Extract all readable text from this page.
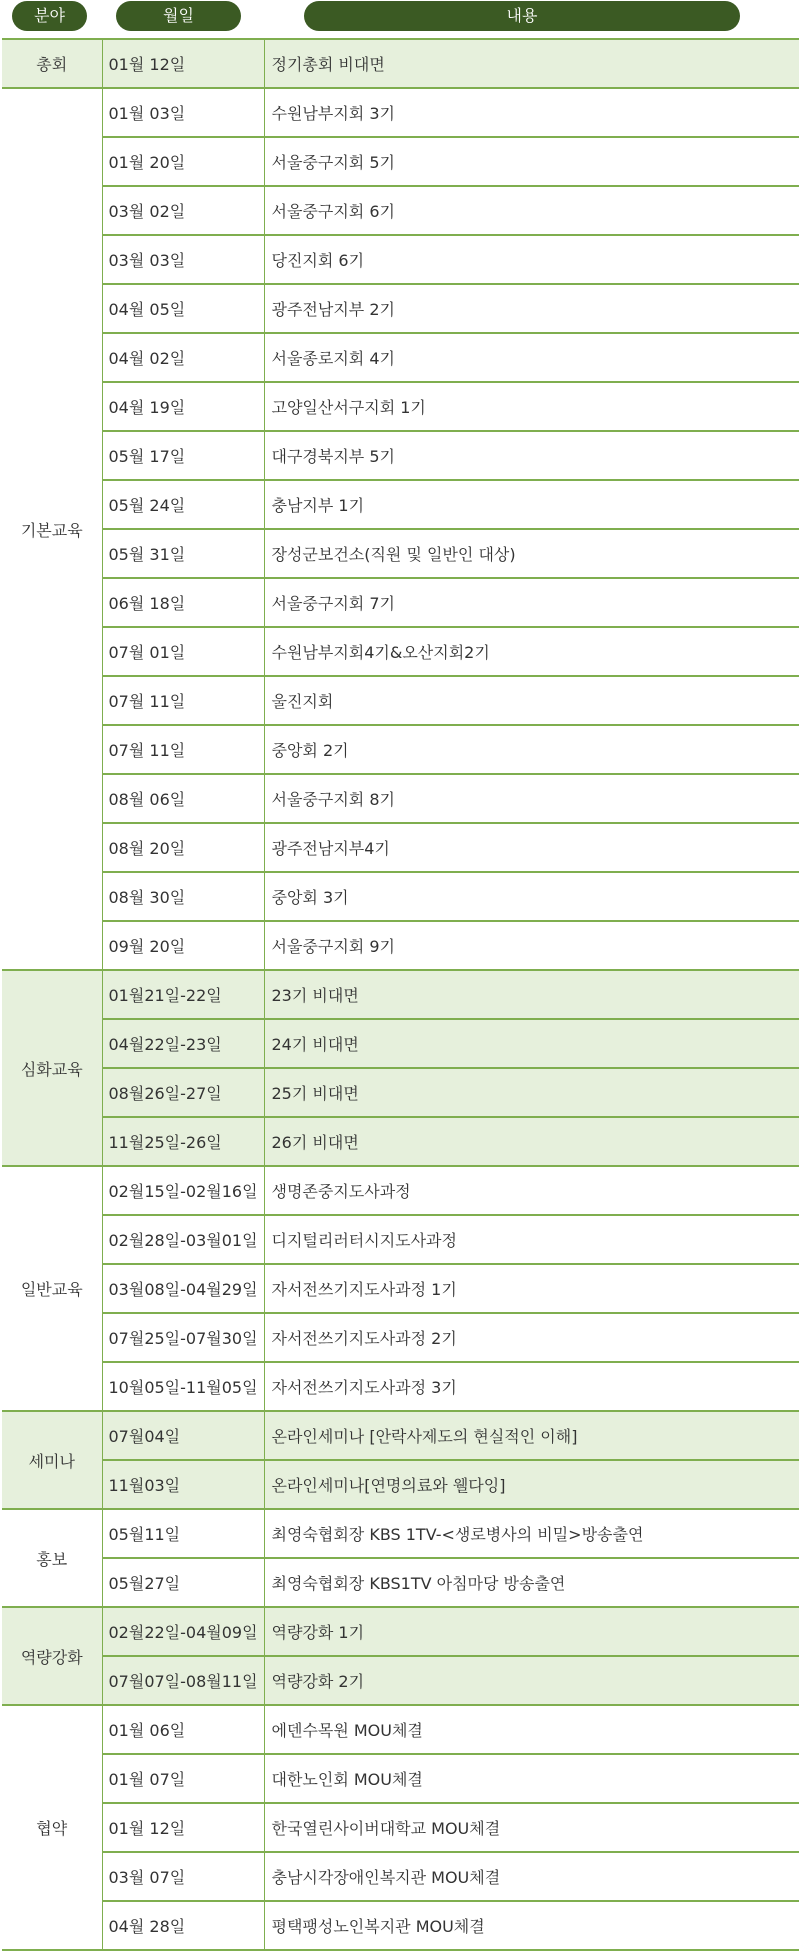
분야	월일	내용
총회	01월 12일	정기총회 비대면
기본교육	01월 03일	수원남부지회 3기
	01월 20일	서울중구지회 5기
	03월 02일	서울중구지회 6기
	03월 03일	당진지회 6기
	04월 05일	광주전남지부 2기
	04월 02일	서울종로지회 4기
	04월 19일	고양일산서구지회 1기
	05월 17일	대구경북지부 5기
	05월 24일	충남지부 1기
	05월 31일	장성군보건소(직원 및 일반인 대상)
	06월 18일	서울중구지회 7기
	07월 01일	수원남부지회4기&오산지회2기
	07월 11일	울진지회
	07월 11일	중앙회 2기
	08월 06일	서울중구지회 8기
	08월 20일	광주전남지부4기
	08월 30일	중앙회 3기
	09월 20일	서울중구지회 9기
심화교육	01월21일-22일	23기 비대면
	04월22일-23일	24기 비대면
	08월26일-27일	25기 비대면
	11월25일-26일	26기 비대면
일반교육	02월15일-02월16일	생명존중지도사과정
	02월28일-03월01일	디지털리러터시지도사과정
	03월08일-04월29일	자서전쓰기지도사과정 1기
	07월25일-07월30일	자서전쓰기지도사과정 2기
	10월05일-11월05일	자서전쓰기지도사과정 3기
세미나	07월04일	온라인세미나 [안락사제도의 현실적인 이해]
	11월03일	온라인세미나[연명의료와 웰다잉]
홍보	05월11일	최영숙협회장 KBS 1TV-<생로병사의 비밀>방송출연
	05월27일	최영숙협회장 KBS1TV 아침마당 방송출연
역량강화	02월22일-04월09일	역량강화 1기
	07월07일-08월11일	역량강화 2기
협약	01월 06일	에덴수목원 MOU체결
	01월 07일	대한노인회 MOU체결
	01월 12일	한국열린사이버대학교 MOU체결
	03월 07일	충남시각장애인복지관 MOU체결
	04월 28일	평택팽성노인복지관 MOU체결
